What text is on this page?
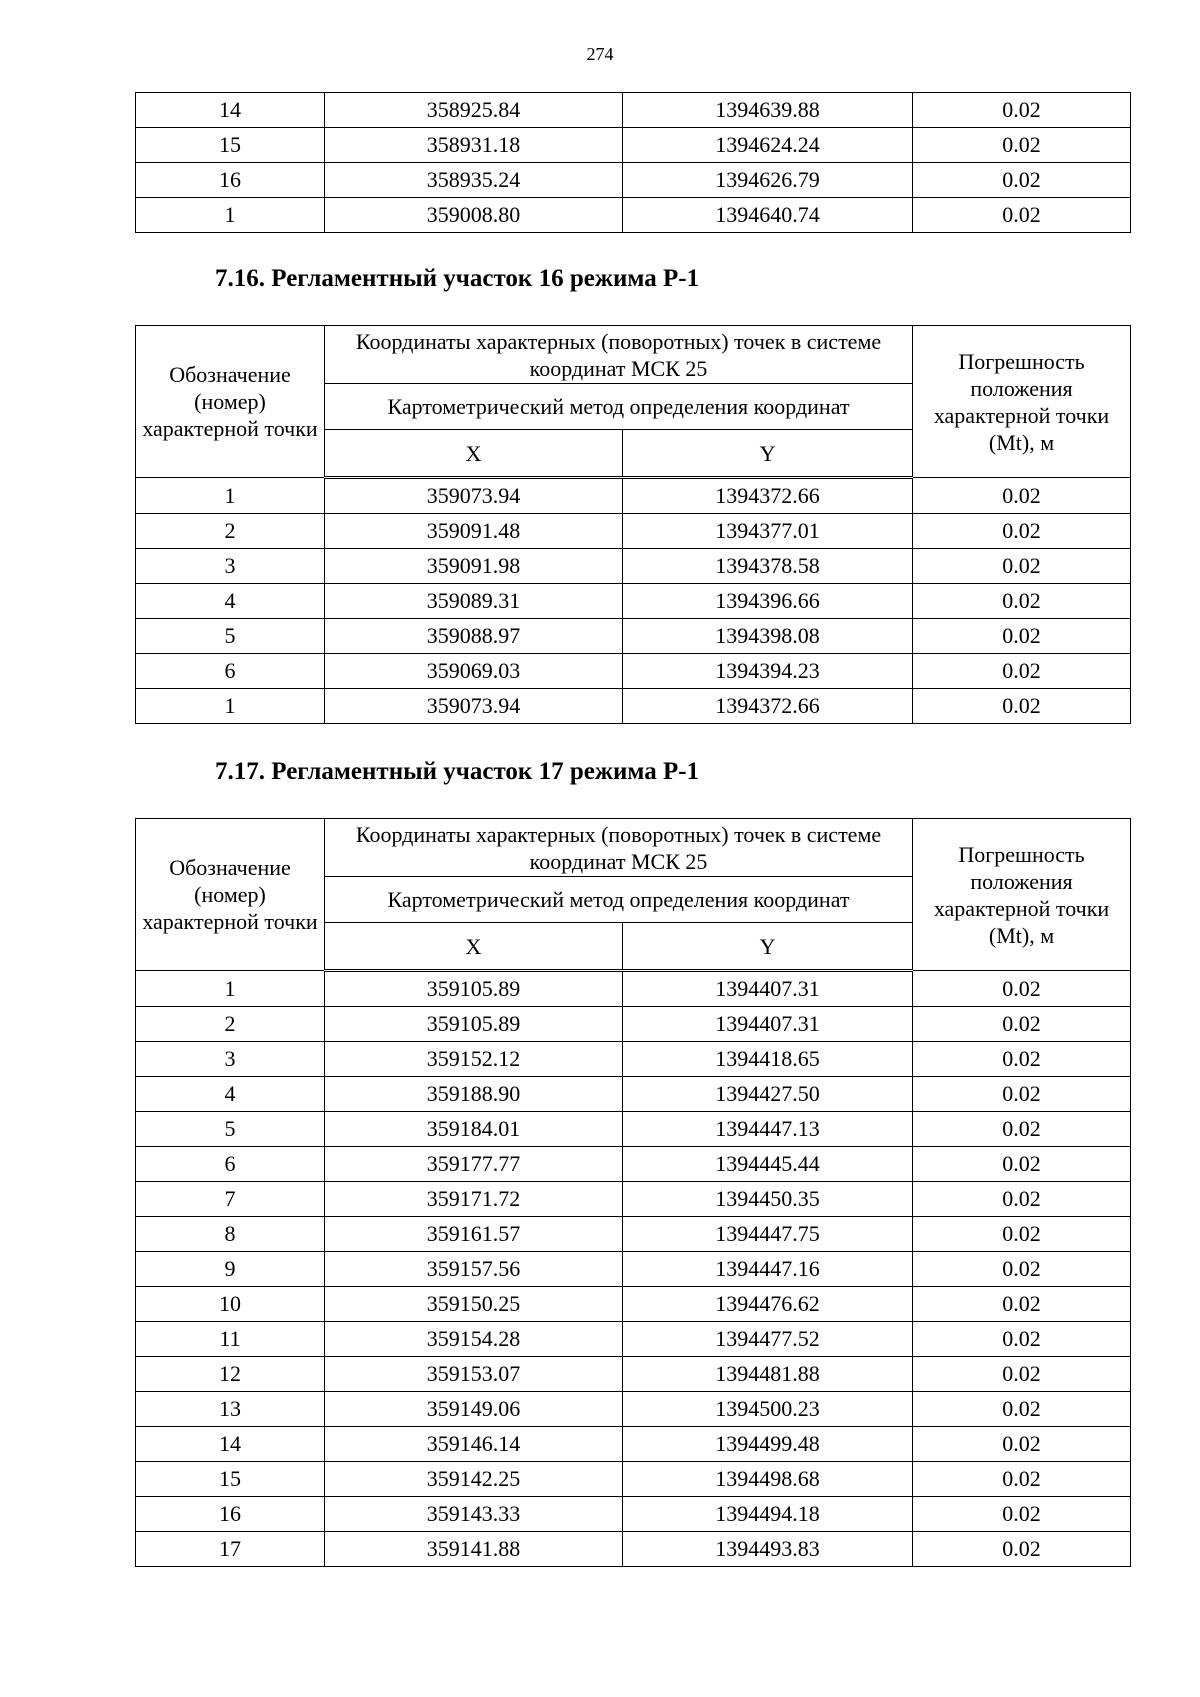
274
14	358925.84	1394639.88	0.02
15	358931.18	1394624.24	0.02
16	358935.24	1394626.79	0.02
1	359008.80	1394640.74	0.02
7.16. Регламентный участок 16 режима Р-1
Обозначение (номер) характерной точки	Координаты характерных (поворотных) точек в системе координат МСК 25		Погрешность положения характерной точки (Mt), м
	Картометрический метод определения координат		
	X	Y	
1	359073.94	1394372.66	0.02
2	359091.48	1394377.01	0.02
3	359091.98	1394378.58	0.02
4	359089.31	1394396.66	0.02
5	359088.97	1394398.08	0.02
6	359069.03	1394394.23	0.02
1	359073.94	1394372.66	0.02
7.17. Регламентный участок 17 режима Р-1
Обозначение (номер) характерной точки	Координаты характерных (поворотных) точек в системе координат МСК 25		Погрешность положения характерной точки (Mt), м
	Картометрический метод определения координат		
	X	Y	
1	359105.89	1394407.31	0.02
2	359105.89	1394407.31	0.02
3	359152.12	1394418.65	0.02
4	359188.90	1394427.50	0.02
5	359184.01	1394447.13	0.02
6	359177.77	1394445.44	0.02
7	359171.72	1394450.35	0.02
8	359161.57	1394447.75	0.02
9	359157.56	1394447.16	0.02
10	359150.25	1394476.62	0.02
11	359154.28	1394477.52	0.02
12	359153.07	1394481.88	0.02
13	359149.06	1394500.23	0.02
14	359146.14	1394499.48	0.02
15	359142.25	1394498.68	0.02
16	359143.33	1394494.18	0.02
17	359141.88	1394493.83	0.02
